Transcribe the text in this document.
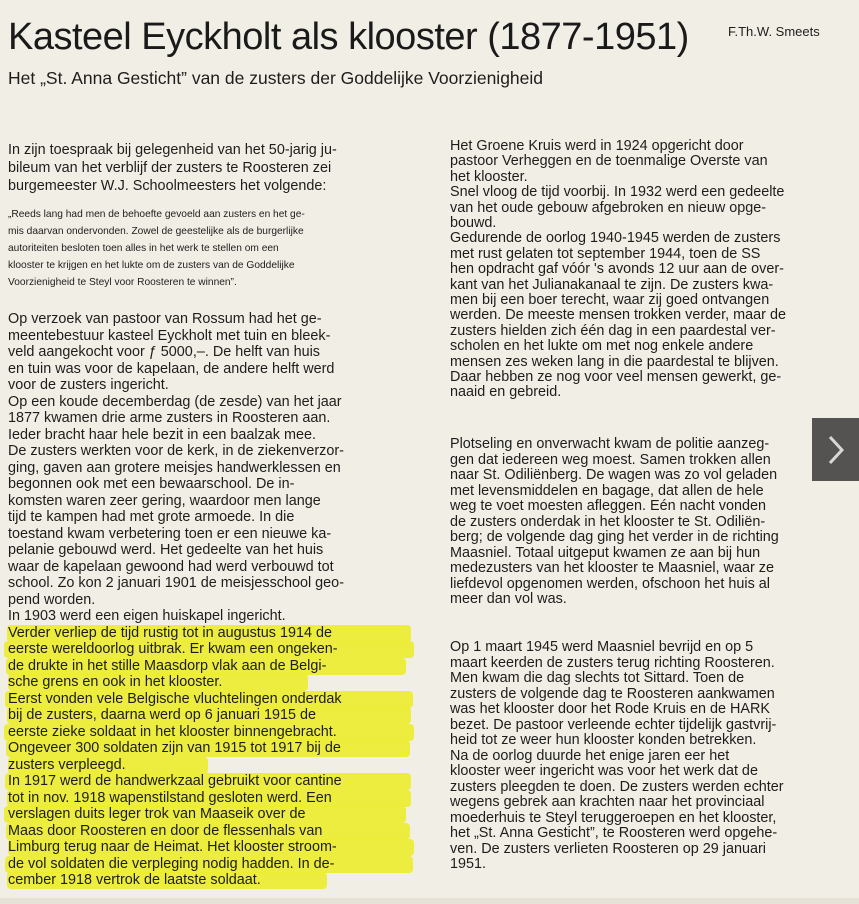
Kasteel Eyckholt als klooster (1877-1951)	F.Th.W. Smeets
Het „St. Anna Gesticht” van de zusters der Goddelijke Voorzienigheid
In zijn toespraak bij gelegenheid van het 50-jarig ju-
bileum van het verblijf der zusters te Roosteren zei
burgemeester W.J. Schoolmeesters het volgende:
„Reeds lang had men de behoefte gevoeld aan zusters en het ge-
mis daarvan ondervonden. Zowel de geestelijke als de burgerlijke
autoriteiten besloten toen alles in het werk te stellen om een
klooster te krijgen en het lukte om de zusters van de Goddelijke
Voorzienigheid te Steyl voor Roosteren te winnen”.
Op verzoek van pastoor van Rossum had het ge-
meentebestuur kasteel Eyckholt met tuin en bleek-
veld aangekocht voor ƒ 5000,–. De helft van huis
en tuin was voor de kapelaan, de andere helft werd
voor de zusters ingericht.
Op een koude decemberdag (de zesde) van het jaar
1877 kwamen drie arme zusters in Roosteren aan.
Ieder bracht haar hele bezit in een baalzak mee.
De zusters werkten voor de kerk, in de ziekenverzor-
ging, gaven aan grotere meisjes handwerklessen en
begonnen ook met een bewaarschool. De in-
komsten waren zeer gering, waardoor men lange
tijd te kampen had met grote armoede. In die
toestand kwam verbetering toen er een nieuwe ka-
pelanie gebouwd werd. Het gedeelte van het huis
waar de kapelaan gewoond had werd verbouwd tot
school. Zo kon 2 januari 1901 de meisjesschool geo-
pend worden.
In 1903 werd een eigen huiskapel ingericht.
Verder verliep de tijd rustig tot in augustus 1914 de
eerste wereldoorlog uitbrak. Er kwam een ongeken-
de drukte in het stille Maasdorp vlak aan de Belgi-
sche grens en ook in het klooster.
Eerst vonden vele Belgische vluchtelingen onderdak
bij de zusters, daarna werd op 6 januari 1915 de
eerste zieke soldaat in het klooster binnengebracht.
Ongeveer 300 soldaten zijn van 1915 tot 1917 bij de
zusters verpleegd.
In 1917 werd de handwerkzaal gebruikt voor cantine
tot in nov. 1918 wapenstilstand gesloten werd. Een
verslagen duits leger trok van Maaseik over de
Maas door Roosteren en door de flessenhals van
Limburg terug naar de Heimat. Het klooster stroom-
de vol soldaten die verpleging nodig hadden. In de-
cember 1918 vertrok de laatste soldaat.
Het Groene Kruis werd in 1924 opgericht door
pastoor Verheggen en de toenmalige Overste van
het klooster.
Snel vloog de tijd voorbij. In 1932 werd een gedeelte
van het oude gebouw afgebroken en nieuw opge-
bouwd.
Gedurende de oorlog 1940-1945 werden de zusters
met rust gelaten tot september 1944, toen de SS
hen opdracht gaf vóór 's avonds 12 uur aan de over-
kant van het Julianakanaal te zijn. De zusters kwa-
men bij een boer terecht, waar zij goed ontvangen
werden. De meeste mensen trokken verder, maar de
zusters hielden zich één dag in een paardestal ver-
scholen en het lukte om met nog enkele andere
mensen zes weken lang in die paardestal te blijven.
Daar hebben ze nog voor veel mensen gewerkt, ge-
naaid en gebreid.
Plotseling en onverwacht kwam de politie aanzeg-
gen dat iedereen weg moest. Samen trokken allen
naar St. Odiliënberg. De wagen was zo vol geladen
met levensmiddelen en bagage, dat allen de hele
weg te voet moesten afleggen. Eén nacht vonden
de zusters onderdak in het klooster te St. Odiliën-
berg; de volgende dag ging het verder in de richting
Maasniel. Totaal uitgeput kwamen ze aan bij hun
medezusters van het klooster te Maasniel, waar ze
liefdevol opgenomen werden, ofschoon het huis al
meer dan vol was.
Op 1 maart 1945 werd Maasniel bevrijd en op 5
maart keerden de zusters terug richting Roosteren.
Men kwam die dag slechts tot Sittard. Toen de
zusters de volgende dag te Roosteren aankwamen
was het klooster door het Rode Kruis en de HARK
bezet. De pastoor verleende echter tijdelijk gastvrij-
heid tot ze weer hun klooster konden betrekken.
Na de oorlog duurde het enige jaren eer het
klooster weer ingericht was voor het werk dat de
zusters pleegden te doen. De zusters werden echter
wegens gebrek aan krachten naar het provinciaal
moederhuis te Steyl teruggeroepen en het klooster,
het „St. Anna Gesticht”, te Roosteren werd opgehe-
ven. De zusters verlieten Roosteren op 29 januari
1951.
